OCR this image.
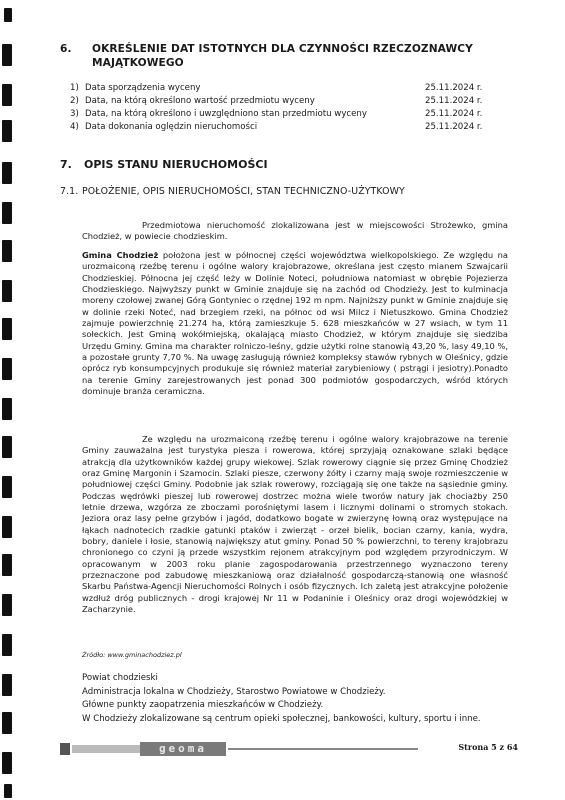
6. OKREŚLENIE DAT ISTOTNYCH DLA CZYNNOŚCI RZECZOZNAWCY
MAJĄTKOWEGO
1) Data sporządzenia wyceny	25.11.2024 r.
2) Data, na którą określono wartość przedmiotu wyceny	25.11.2024 r.
3) Data, na którą określono i uwzględniono stan przedmiotu wyceny	25.11.2024 r.
4) Data dokonania oględzin nieruchomości	25.11.2024 r.
7. OPIS STANU NIERUCHOMOŚCI
7.1. POŁOŻENIE, OPIS NIERUCHOMOŚCI, STAN TECHNICZNO-UŻYTKOWY
Przedmiotowa nieruchomość zlokalizowana jest w miejscowości Strożewko, gmina Chodzież, w powiecie chodzieskim.
Gmina Chodzież położona jest w północnej części województwa wielkopolskiego. Ze względu na urozmaiconą rzeźbę terenu i ogólne walory krajobrazowe, określana jest często mianem Szwajcarii Chodzieskiej. Północna jej część leży w Dolinie Noteci, południowa natomiast w obrębie Pojezierza Chodzieskiego. Najwyższy punkt w Gminie znajduje się na zachód od Chodzieży. Jest to kulminacja moreny czołowej zwanej Górą Gontyniec o rzędnej 192 m npm. Najniższy punkt w Gminie znajduje się w dolinie rzeki Noteć, nad brzegiem rzeki, na północ od wsi Milcz i Nietuszkowo. Gmina Chodzież zajmuje powierzchnię 21.274 ha, którą zamieszkuje 5. 628 mieszkańców w 27 wsiach, w tym 11 sołeckich. Jest Gminą wokółmiejską, okalającą miasto Chodzież, w którym znajduje się siedziba Urzędu Gminy. Gmina ma charakter rolniczo-leśny, gdzie użytki rolne stanowią 43,20 %, lasy 49,10 %, a pozostałe grunty 7,70 %. Na uwagę zasługują również kompleksy stawów rybnych w Oleśnicy, gdzie oprócz ryb konsumpcyjnych produkuje się również materiał zarybieniowy ( pstrągi i jesiotry).Ponadto na terenie Gminy zarejestrowanych jest ponad 300 podmiotów gospodarczych, wśród których dominuje branża ceramiczna.
Ze względu na urozmaiconą rzeźbę terenu i ogólne walory krajobrazowe na terenie Gminy zauważalna jest turystyka piesza i rowerowa, której sprzyjają oznakowane szlaki będące atrakcją dla użytkowników każdej grupy wiekowej. Szlak rowerowy ciągnie się przez Gminę Chodzież oraz Gminę Margonin i Szamocin. Szlaki piesze, czerwony żółty i czarny mają swoje rozmieszczenie w południowej części Gminy. Podobnie jak szlak rowerowy, rozciągają się one także na sąsiednie gminy. Podczas wędrówki pieszej lub rowerowej dostrzec można wiele tworów natury jak chociażby 250 letnie drzewa, wzgórza ze zboczami porośniętymi lasem i licznymi dolinami o stromych stokach. Jeziora oraz lasy pełne grzybów i jagód, dodatkowo bogate w zwierzynę łowną oraz występujące na łąkach nadnotecich rzadkie gatunki ptaków i zwierząt - orzeł bielik, bocian czarny, kania, wydra, bobry, daniele i łosie, stanowią największy atut gminy. Ponad 50 % powierzchni, to tereny krajobrazu chronionego co czyni ją przede wszystkim rejonem atrakcyjnym pod względem przyrodniczym. W opracowanym w 2003 roku planie zagospodarowania przestrzennego wyznaczono tereny przeznaczone pod zabudowę mieszkaniową oraz działalność gospodarczą-stanowią one własność Skarbu Państwa-Agencji Nieruchomości Rolnych i osób fizycznych. Ich zaletą jest atrakcyjne położenie wzdłuż dróg publicznych - drogi krajowej Nr 11 w Podaninie i Oleśnicy oraz drogi wojewódzkiej w Zacharzynie.
Źródło: www.gminachodziez.pl
Powiat chodzieski
Administracja lokalna w Chodzieży, Starostwo Powiatowe w Chodzieży.
Główne punkty zaopatrzenia mieszkańców w Chodzieży.
W Chodzieży zlokalizowane są centrum opieki społecznej, bankowości, kultury, sportu i inne.
geoma	Strona 5 z 64
